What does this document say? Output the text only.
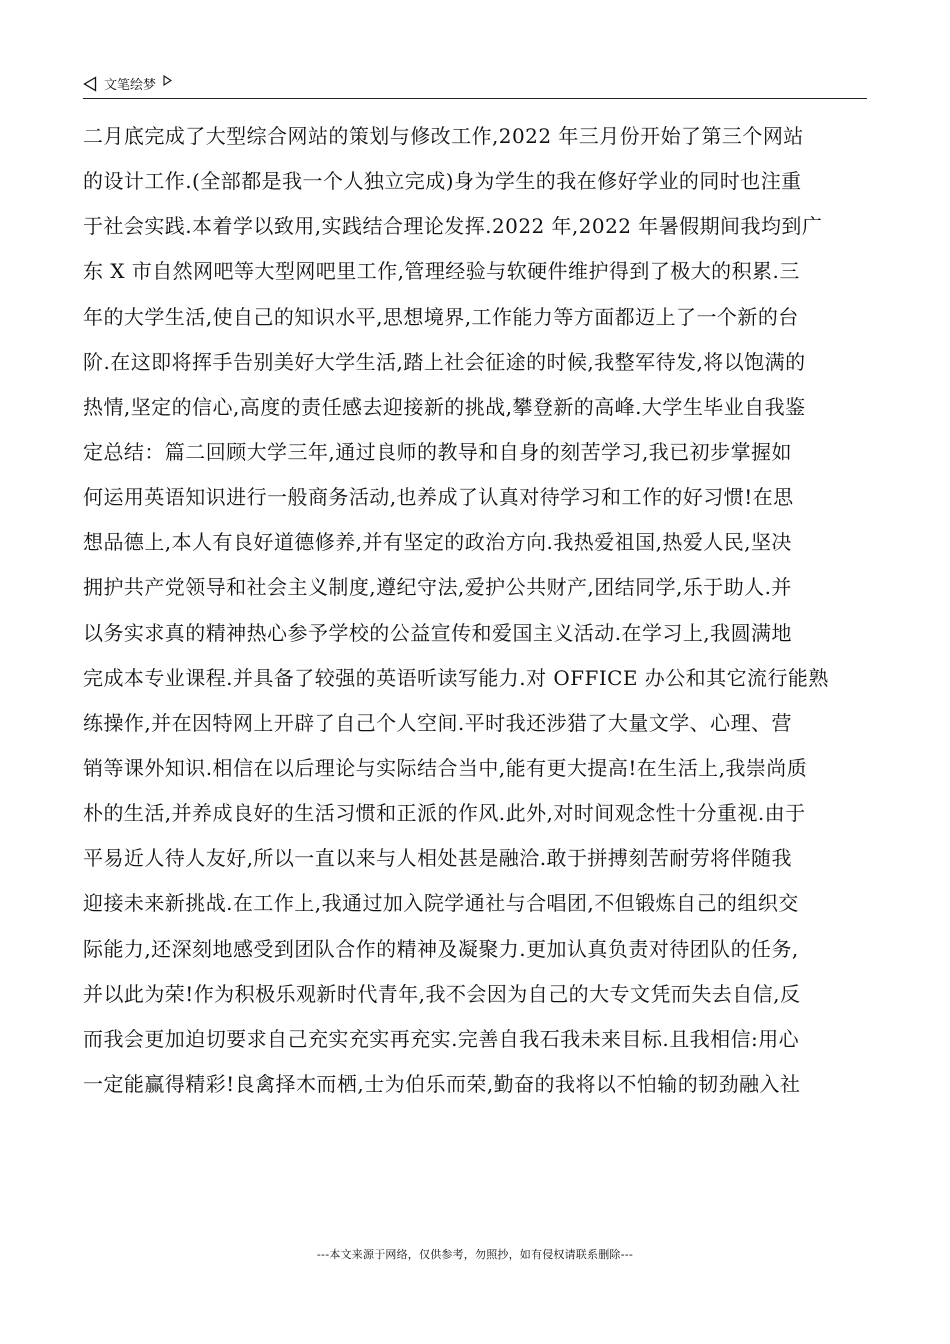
文笔绘梦
二月底完成了大型综合网站的策划与修改工作,2022 年三月份开始了第三个网站
的设计工作.(全部都是我一个人独立完成)身为学生的我在修好学业的同时也注重
于社会实践.本着学以致用,实践结合理论发挥.2022 年,2022 年暑假期间我均到广
东 X 市自然网吧等大型网吧里工作,管理经验与软硬件维护得到了极大的积累.三
年的大学生活,使自己的知识水平,思想境界,工作能力等方面都迈上了一个新的台
阶.在这即将挥手告别美好大学生活,踏上社会征途的时候,我整军待发,将以饱满的
热情,坚定的信心,高度的责任感去迎接新的挑战,攀登新的高峰.大学生毕业自我鉴
定总结：篇二回顾大学三年,通过良师的教导和自身的刻苦学习,我已初步掌握如
何运用英语知识进行一般商务活动,也养成了认真对待学习和工作的好习惯!在思
想品德上,本人有良好道德修养,并有坚定的政治方向.我热爱祖国,热爱人民,坚决
拥护共产党领导和社会主义制度,遵纪守法,爱护公共财产,团结同学,乐于助人.并
以务实求真的精神热心参予学校的公益宣传和爱国主义活动.在学习上,我圆满地
完成本专业课程.并具备了较强的英语听读写能力.对 OFFICE 办公和其它流行能熟
练操作,并在因特网上开辟了自己个人空间.平时我还涉猎了大量文学、心理、营
销等课外知识.相信在以后理论与实际结合当中,能有更大提高!在生活上,我崇尚质
朴的生活,并养成良好的生活习惯和正派的作风.此外,对时间观念性十分重视.由于
平易近人待人友好,所以一直以来与人相处甚是融洽.敢于拼搏刻苦耐劳将伴随我
迎接未来新挑战.在工作上,我通过加入院学通社与合唱团,不但锻炼自己的组织交
际能力,还深刻地感受到团队合作的精神及凝聚力.更加认真负责对待团队的任务,
并以此为荣!作为积极乐观新时代青年,我不会因为自己的大专文凭而失去自信,反
而我会更加迫切要求自己充实充实再充实.完善自我石我未来目标.且我相信:用心
一定能赢得精彩!良禽择木而栖,士为伯乐而荣,勤奋的我将以不怕输的韧劲融入社
---本文来源于网络，仅供参考，勿照抄，如有侵权请联系删除---
